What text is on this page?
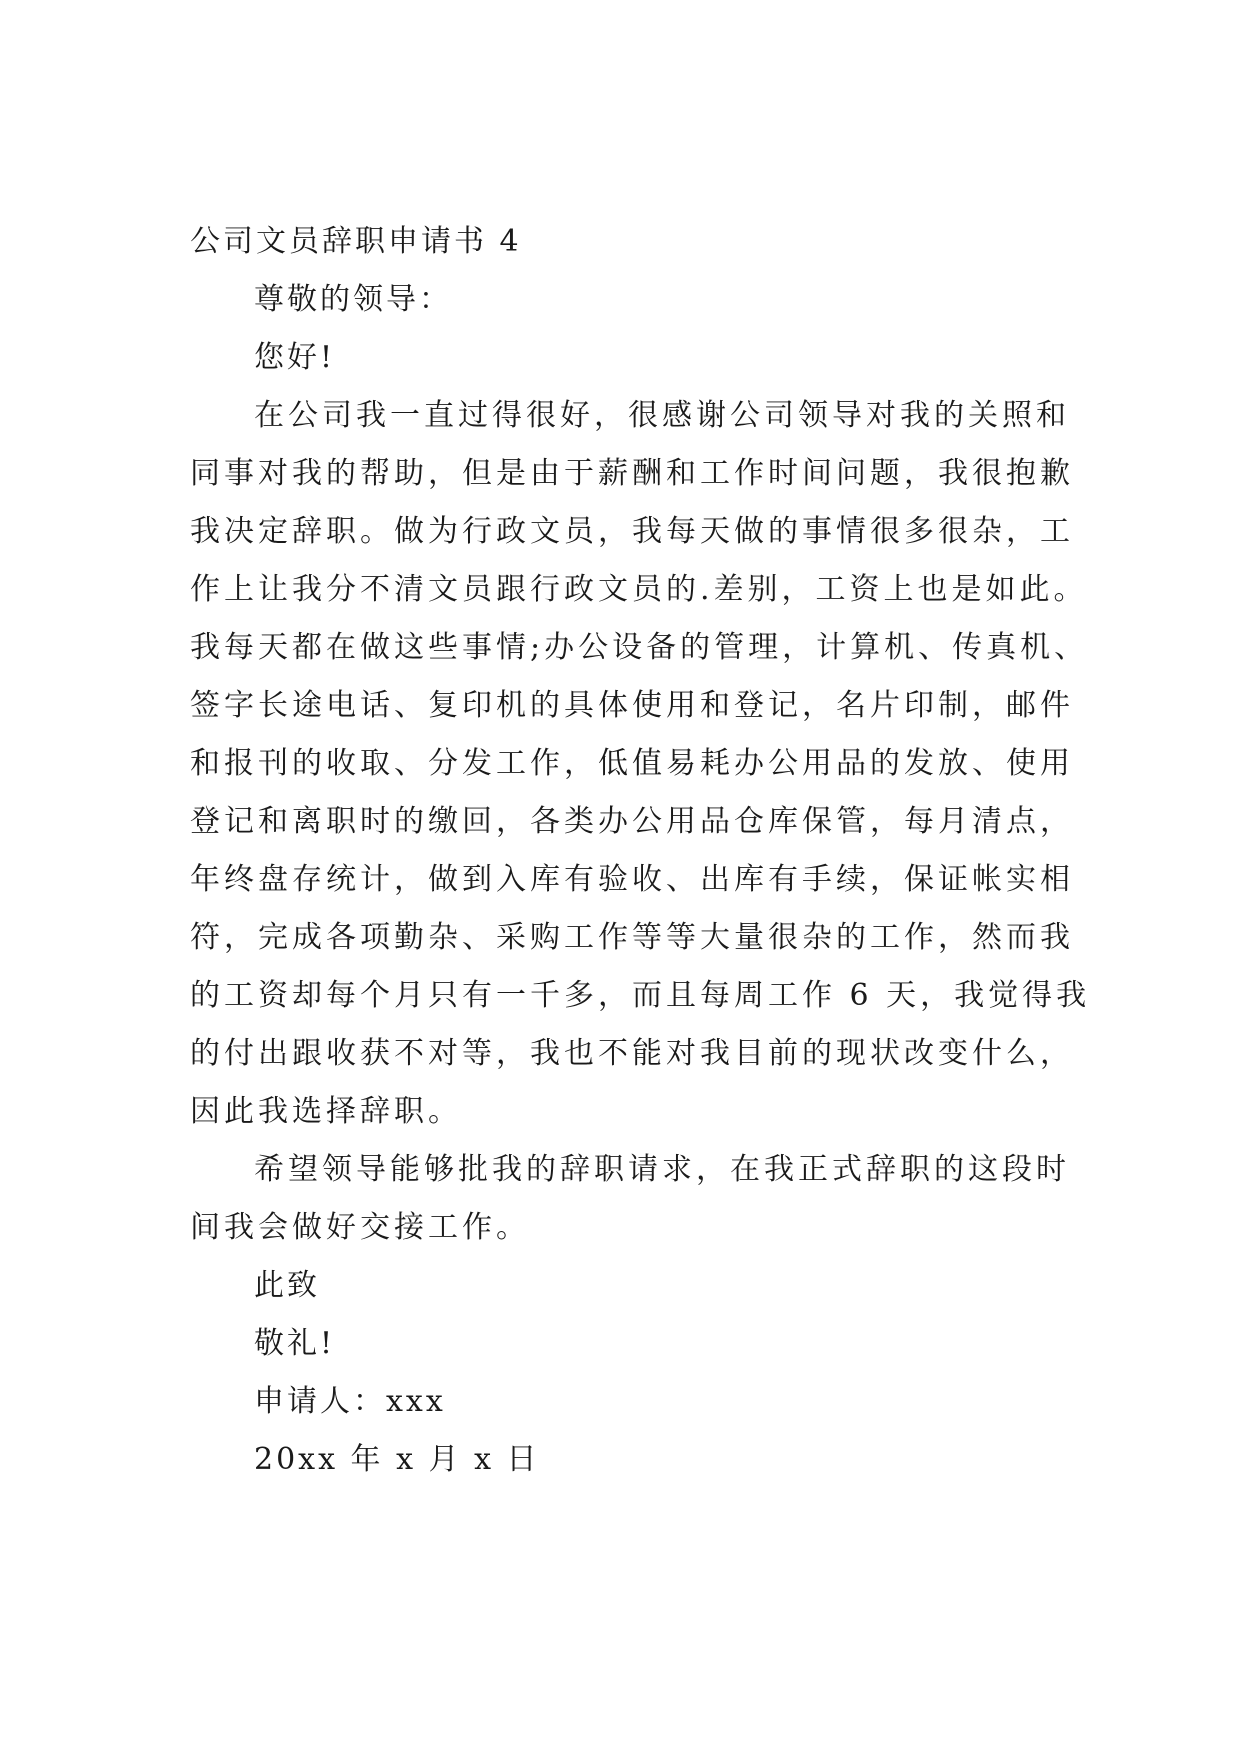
公司文员辞职申请书 4
尊敬的领导：
您好!
在公司我一直过得很好，很感谢公司领导对我的关照和
同事对我的帮助，但是由于薪酬和工作时间问题，我很抱歉
我决定辞职。做为行政文员，我每天做的事情很多很杂，工
作上让我分不清文员跟行政文员的.差别，工资上也是如此。
我每天都在做这些事情;办公设备的管理，计算机、传真机、
签字长途电话、复印机的具体使用和登记，名片印制，邮件
和报刊的收取、分发工作，低值易耗办公用品的发放、使用
登记和离职时的缴回，各类办公用品仓库保管，每月清点，
年终盘存统计，做到入库有验收、出库有手续，保证帐实相
符，完成各项勤杂、采购工作等等大量很杂的工作，然而我
的工资却每个月只有一千多，而且每周工作 6 天，我觉得我
的付出跟收获不对等，我也不能对我目前的现状改变什么，
因此我选择辞职。
希望领导能够批我的辞职请求，在我正式辞职的这段时
间我会做好交接工作。
此致
敬礼!
申请人：xxx
20xx 年 x 月 x 日
